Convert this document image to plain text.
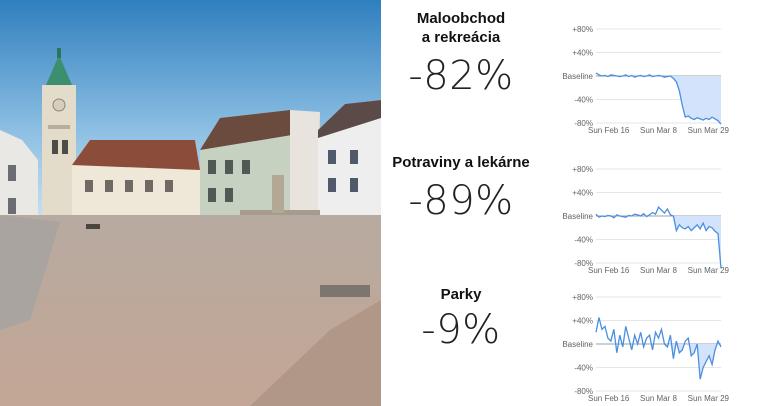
Maloobchod
a rekreácia
-82%
+80%
+40%
Baseline
-40%
-80%
Sun Feb 16 Sun Mar 8 Sun Mar 29
Potraviny a lekárne
-89%
+80%
+40%
Baseline
-40%
-80%
Sun Feb 16 Sun Mar 8 Sun Mar 29
Parky
-9%
+80%
+40%
Baseline
-40%
-80%
Sun Feb 16 Sun Mar 8 Sun Mar 29
